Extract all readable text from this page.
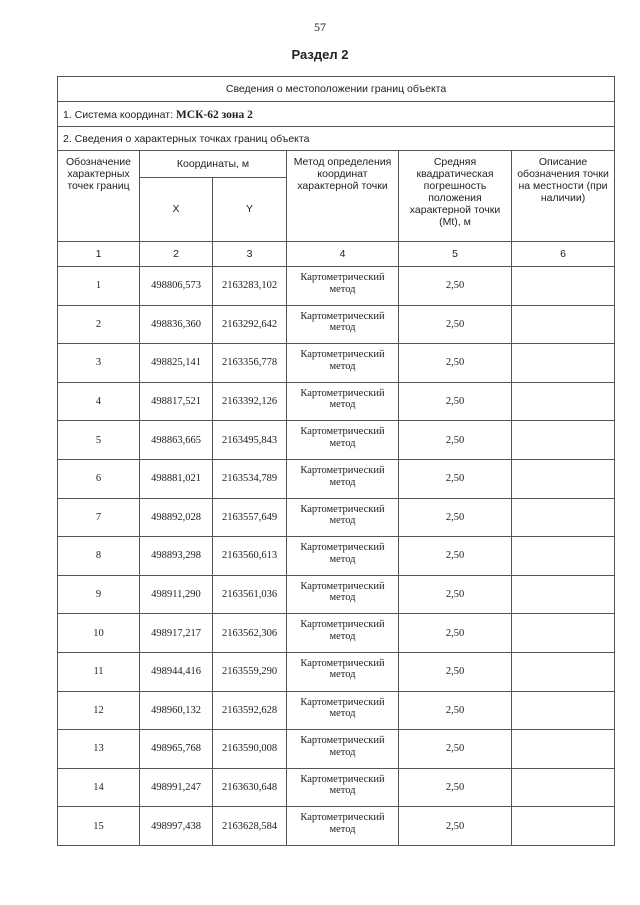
57
Раздел 2
Сведения о местоположении границ объекта					
1. Система координат: МСК-62 зона 2					
2. Сведения о характерных точках границ объекта					
Обозначение характерных точек границ	Координаты, м		Метод определения координат характерной точки	Средняя квадратическая погрешность положения характерной точки (Mt), м	Описание обозначения точки на местности (при наличии)
	X	Y			
1	2	3	4	5	6
1	498806,573	2163283,102	Картометрический метод	2,50	
2	498836,360	2163292,642	Картометрический метод	2,50	
3	498825,141	2163356,778	Картометрический метод	2,50	
4	498817,521	2163392,126	Картометрический метод	2,50	
5	498863,665	2163495,843	Картометрический метод	2,50	
6	498881,021	2163534,789	Картометрический метод	2,50	
7	498892,028	2163557,649	Картометрический метод	2,50	
8	498893,298	2163560,613	Картометрический метод	2,50	
9	498911,290	2163561,036	Картометрический метод	2,50	
10	498917,217	2163562,306	Картометрический метод	2,50	
11	498944,416	2163559,290	Картометрический метод	2,50	
12	498960,132	2163592,628	Картометрический метод	2,50	
13	498965,768	2163590,008	Картометрический метод	2,50	
14	498991,247	2163630,648	Картометрический метод	2,50	
15	498997,438	2163628,584	Картометрический метод	2,50	
